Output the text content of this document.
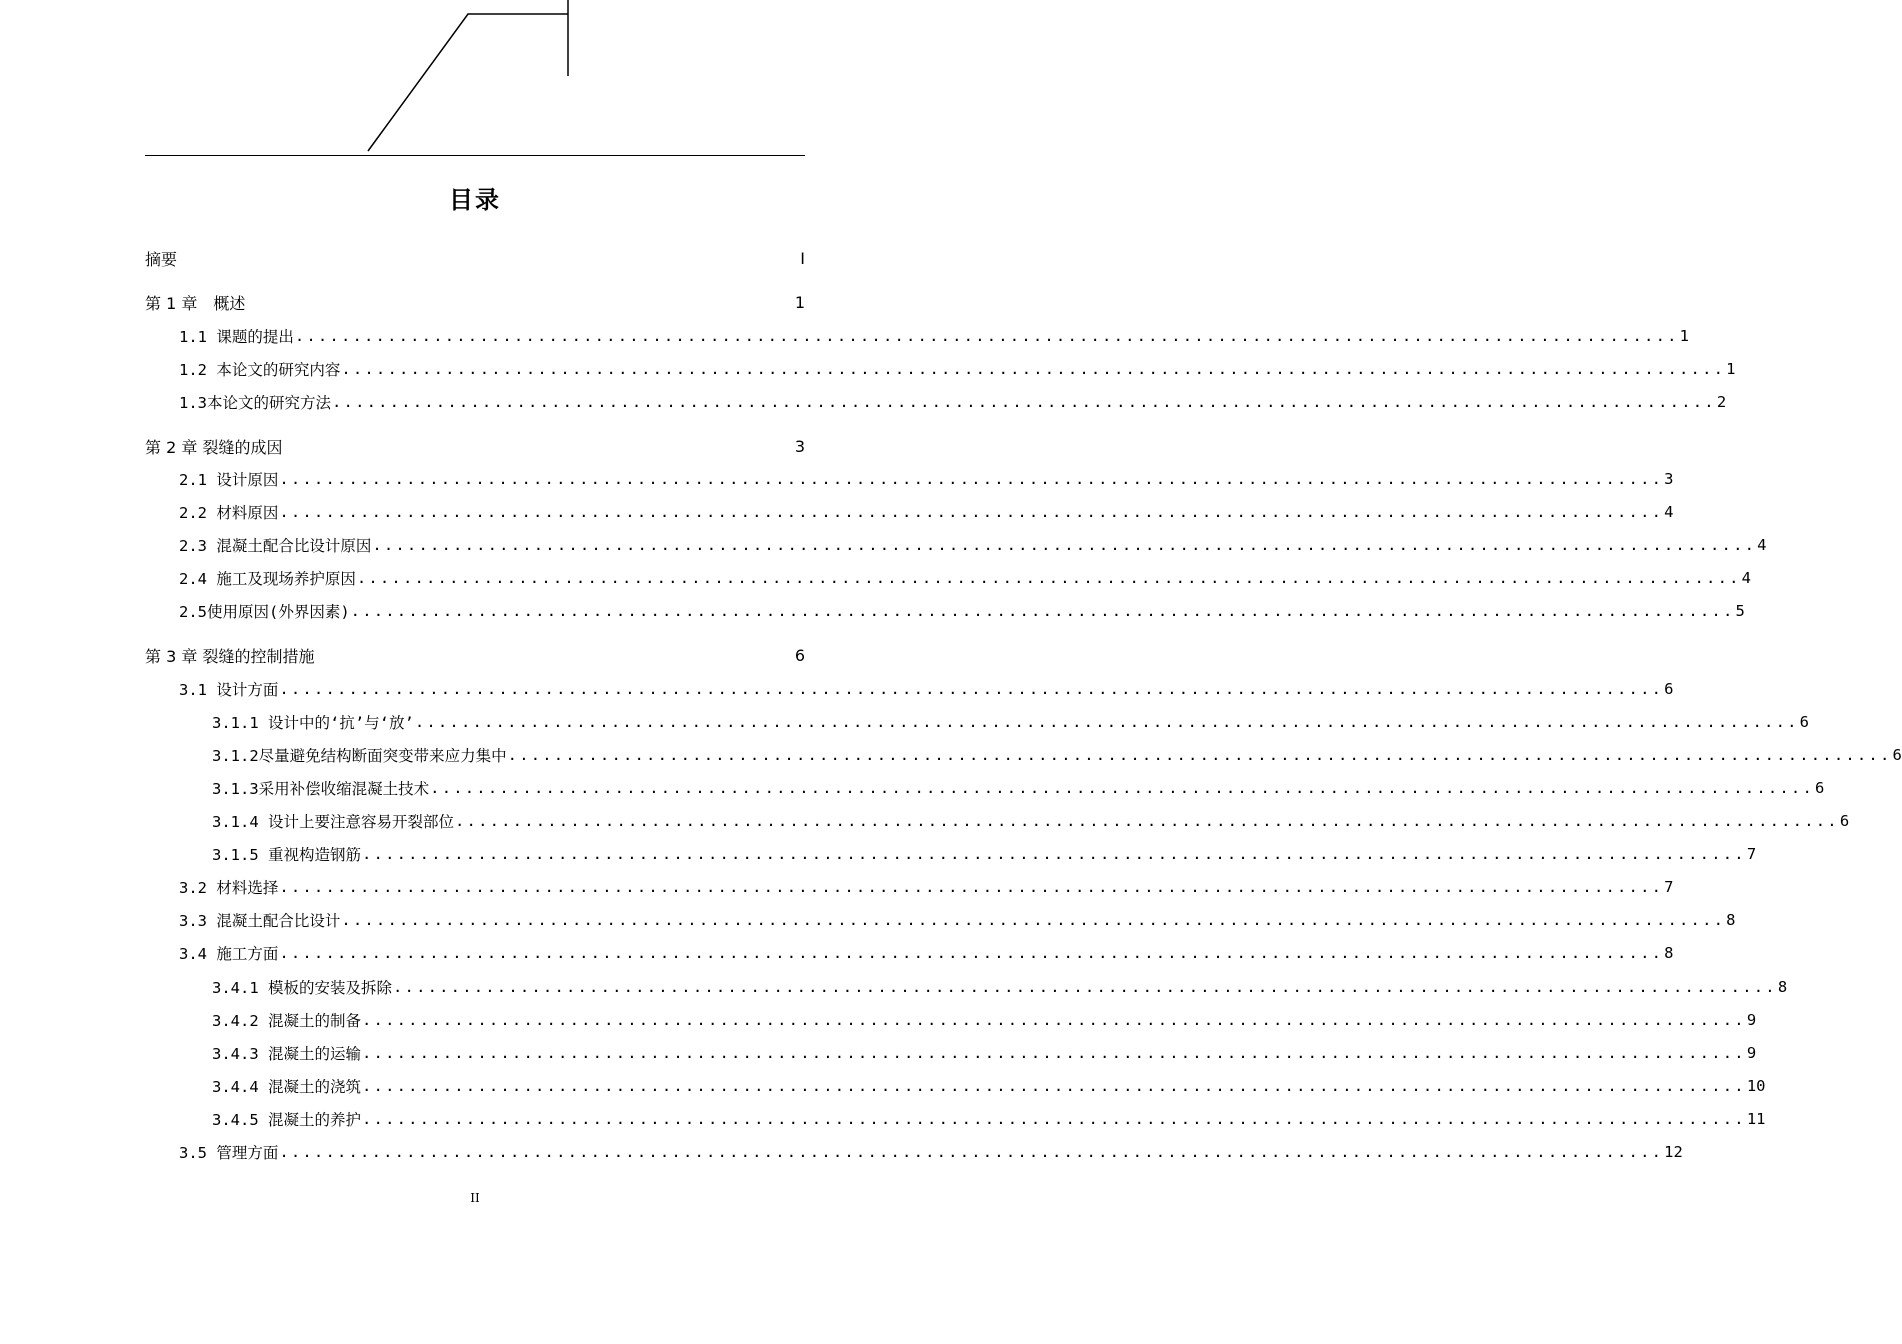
目录
摘要	I
第 1 章　概述	1
1.1 课题的提出 ........................................................................................................................ 1
1.2 本论文的研究内容 ........................................................................................................................ 1
1.3本论文的研究方法 ........................................................................................................................ 2
第 2 章 裂缝的成因	3
2.1 设计原因 ........................................................................................................................ 3
2.2 材料原因 ........................................................................................................................ 4
2.3 混凝土配合比设计原因 ........................................................................................................................ 4
2.4 施工及现场养护原因 ........................................................................................................................ 4
2.5使用原因(外界因素) ........................................................................................................................ 5
第 3 章 裂缝的控制措施	6
3.1 设计方面 ........................................................................................................................ 6
3.1.1 设计中的‘抗’与‘放’ ........................................................................................................................ 6
3.1.2尽量避免结构断面突变带来应力集中 ........................................................................................................................ 6
3.1.3采用补偿收缩混凝土技术 ........................................................................................................................ 6
3.1.4 设计上要注意容易开裂部位 ........................................................................................................................ 6
3.1.5 重视构造钢筋 ........................................................................................................................ 7
3.2 材料选择 ........................................................................................................................ 7
3.3 混凝土配合比设计 ........................................................................................................................ 8
3.4 施工方面 ........................................................................................................................ 8
3.4.1 模板的安装及拆除 ........................................................................................................................ 8
3.4.2 混凝土的制备 ........................................................................................................................ 9
3.4.3 混凝土的运输 ........................................................................................................................ 9
3.4.4 混凝土的浇筑 ........................................................................................................................ 10
3.4.5 混凝土的养护 ........................................................................................................................ 11
3.5 管理方面 ........................................................................................................................ 12
II
